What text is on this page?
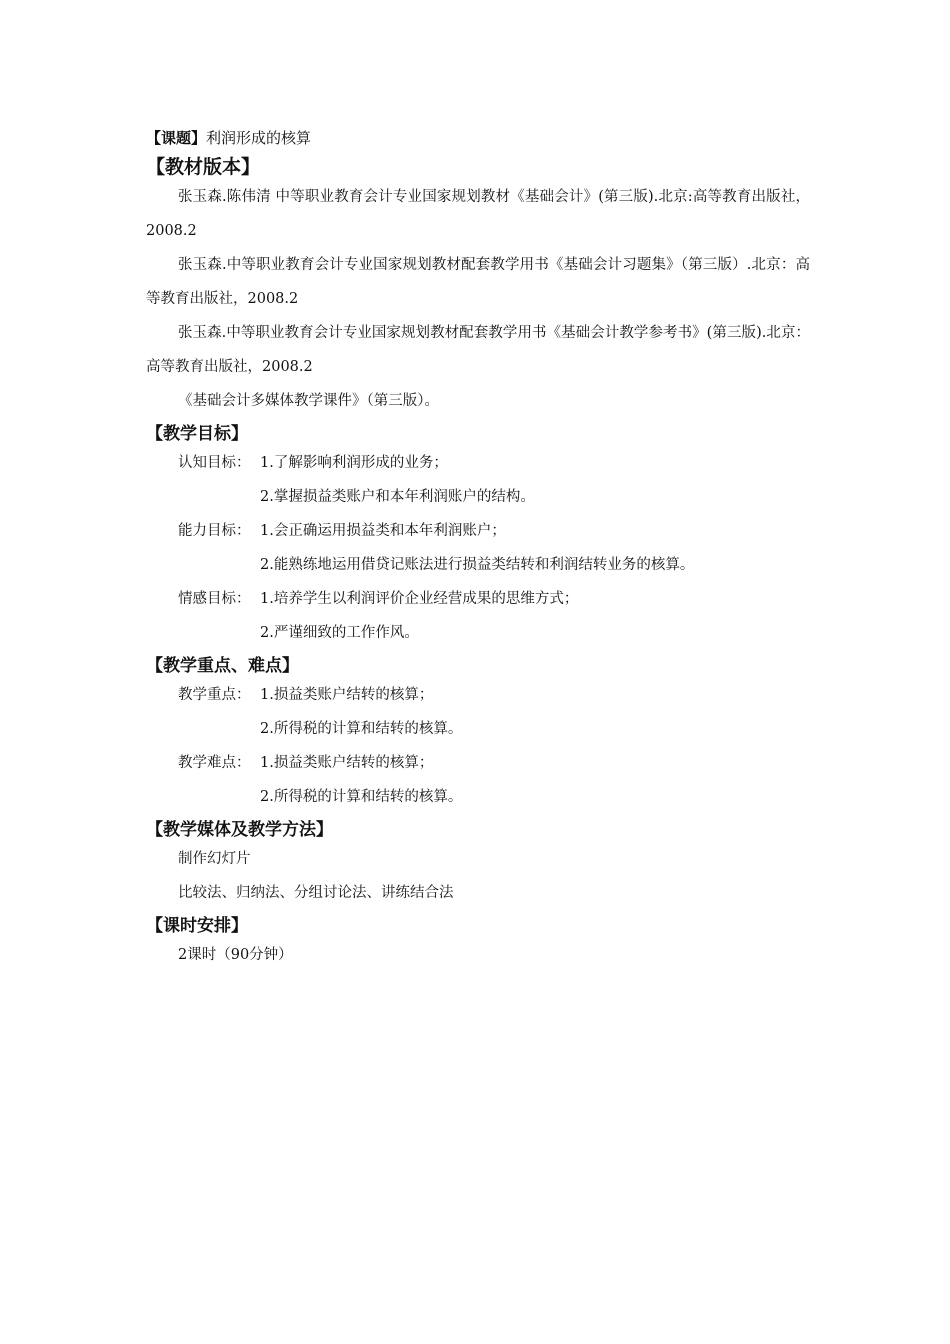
【课题】利润形成的核算

【教材版本】

张玉森.陈伟清 中等职业教育会计专业国家规划教材《基础会计》(第三版).北京:高等教育出版社，2008.2

张玉森.中等职业教育会计专业国家规划教材配套教学用书《基础会计习题集》（第三版）.北京：高等教育出版社，2008.2

张玉森.中等职业教育会计专业国家规划教材配套教学用书《基础会计教学参考书》(第三版).北京：高等教育出版社，2008.2

《基础会计多媒体教学课件》（第三版）。

【教学目标】

认知目标： 1.了解影响利润形成的业务；

2.掌握损益类账户和本年利润账户的结构。

能力目标： 1.会正确运用损益类和本年利润账户；

2.能熟练地运用借贷记账法进行损益类结转和利润结转业务的核算。

情感目标： 1.培养学生以利润评价企业经营成果的思维方式；

2.严谨细致的工作作风。

【教学重点、难点】

教学重点： 1.损益类账户结转的核算；

2.所得税的计算和结转的核算。

教学难点： 1.损益类账户结转的核算；

2.所得税的计算和结转的核算。

【教学媒体及教学方法】

制作幻灯片

比较法、归纳法、分组讨论法、讲练结合法

【课时安排】

2课时（90分钟）
